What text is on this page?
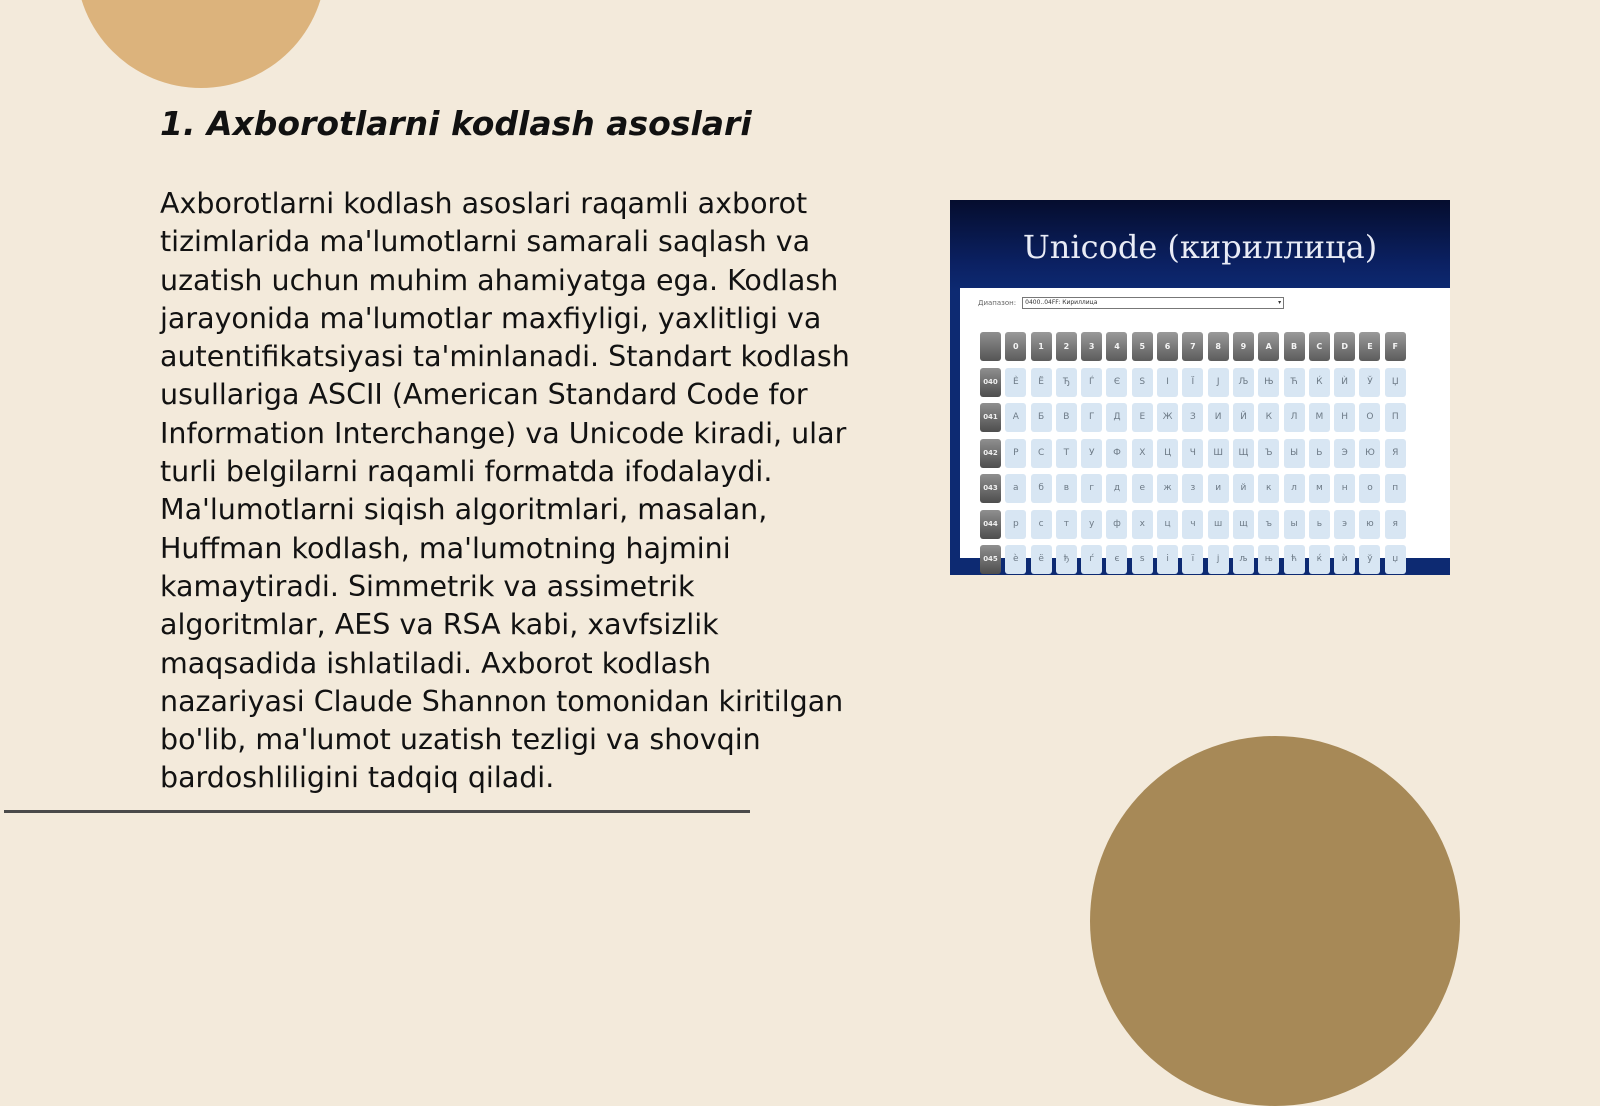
1. Axborotlarni kodlash asoslari

Axborotlarni kodlash asoslari raqamli axborot tizimlarida ma'lumotlarni samarali saqlash va uzatish uchun muhim ahamiyatga ega. Kodlash jarayonida ma'lumotlar maxfiyligi, yaxlitligi va autentifikatsiyasi ta'minlanadi. Standart kodlash usullariga ASCII (American Standard Code for Information Interchange) va Unicode kiradi, ular turli belgilarni raqamli formatda ifodalaydi. Ma'lumotlarni siqish algoritmlari, masalan, Huffman kodlash, ma'lumotning hajmini kamaytiradi. Simmetrik va assimetrik algoritmlar, AES va RSA kabi, xavfsizlik maqsadida ishlatiladi. Axborot kodlash nazariyasi Claude Shannon tomonidan kiritilgan bo'lib, ma'lumot uzatish tezligi va shovqin bardoshliligini tadqiq qiladi.

Unicode (кириллица)
Диапазон:	0400..04FF: Кириллица	▾
0	1	2	3	4	5	6	7	8	9	A	B	C	D	E	F
040	Ѐ	Ё	Ђ	Ѓ	Є	Ѕ	І	Ї	Ј	Љ	Њ	Ћ	Ќ	Ѝ	Ў	Џ
041	А	Б	В	Г	Д	Е	Ж	З	И	Й	К	Л	М	Н	О	П
042	Р	С	Т	У	Ф	Х	Ц	Ч	Ш	Щ	Ъ	Ы	Ь	Э	Ю	Я
043	а	б	в	г	д	е	ж	з	и	й	к	л	м	н	о	п
044	р	с	т	у	ф	х	ц	ч	ш	щ	ъ	ы	ь	э	ю	я
045	ѐ	ё	ђ	ѓ	є	ѕ	і	ї	ј	љ	њ	ћ	ќ	ѝ	ў	џ
